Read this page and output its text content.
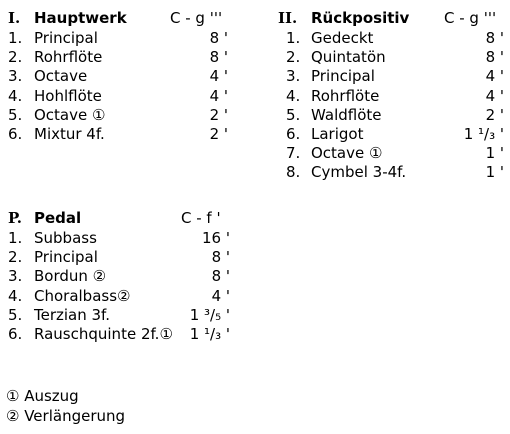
I. Hauptwerk	C - g '''
1. Principal	8 '
2. Rohrflöte	8 '
3. Octave	4 '
4. Hohlflöte	4 '
5. Octave ①	2 '
6. Mixtur 4f.	2 '
II. Rückpositiv C - g '''
1. Gedeckt	8 '
2. Quintatön	8 '
3. Principal	4 '
4. Rohrflöte	4 '
5. Waldflöte	2 '
6. Larigot	1 ¹/₃ '
7. Octave ①	1 '
8. Cymbel 3-4f.	1 '
P. Pedal	C - f '
1. Subbass	16 '
2. Principal	8 '
3. Bordun ②	8 '
4. Choralbass②	4 '
5. Terzian 3f.	1 ³/₅ '
6. Rauschquinte 2f.① 1 ¹/₃ '
① Auszug
② Verlängerung
